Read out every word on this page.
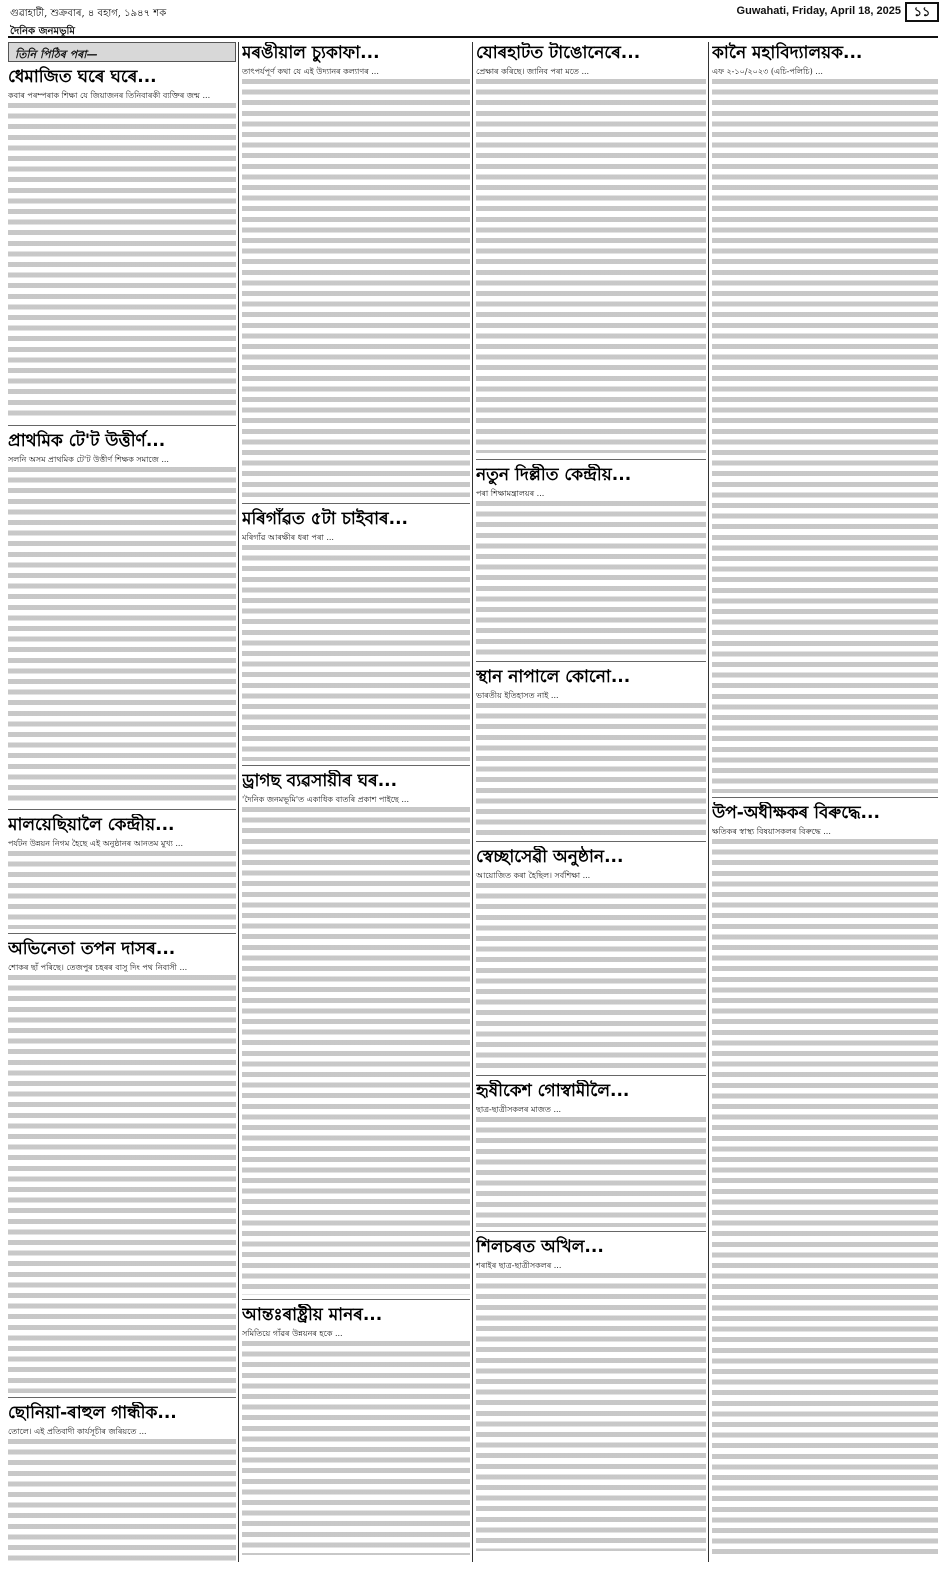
গুৱাহাটী, শুক্ৰবাৰ, ৪ বহাগ, ১৯৪৭ শক	Guwahati, Friday, April 18, 2025 ১১
দৈনিক জনমভূমি
তিনি পিঠিৰ পৰা—
ধেমাজিত ঘৰে ঘৰে...
কবাৰ পৰম্পৰাক শিক্ষা যে জিয়াজনৰ তিনিবাৰকী ব্যক্তিৰ জন্ম ...
প্ৰাথমিক টে'ট উত্তীৰ্ণ...
সলনি অসম প্ৰাথমিক টে'ট উত্তীৰ্ণ শিক্ষক সমাজে ...
মালয়েছিয়ালৈ কেন্দ্ৰীয়...
পৰ্যটন উন্নয়ন নিগম হৈছে এই অনুষ্ঠানৰ আনতম মুখ্য ...
অভিনেতা তপন দাসৰ...
শোকৰ ছাঁ পৰিছে। তেজপুৰ চহৰৰ বাসু দিং পথ নিবাসী ...
ছোনিয়া-ৰাহুল গান্ধীক...
তোলে। এই প্ৰতিবাদী কাৰ্যসূচীৰ জৰিয়তে ...
মৰঙীয়াল চ্যুকাফা...
তাৎপৰ্যপূৰ্ণ কথা যে এই উদ্যানৰ কল্যাণৰ ...
মৰিগাঁৱত ৫টা চাইবাৰ...
মৰিগাঁৱ আৰক্ষীৰ ধৰা পৰা ...
ড্ৰাগছ ব্যৱসায়ীৰ ঘৰ...
'দৈনিক জনমভূমি'ত একাধিক বাতৰি প্ৰকাশ পাইছে ...
আন্তঃৰাষ্ট্ৰীয় মানৰ...
সমিতিয়ে গাঁৱৰ উন্নয়নৰ হকে ...
যোৰহাটত টাঙোনেৰে...
প্ৰেক্ষাৰ কৰিছে। জানিব পৰা মতে ...
নতুন দিল্লীত কেন্দ্ৰীয়...
পৰা শিক্ষামন্ত্ৰালয়ৰ ...
স্থান নাপালে কোনো...
ভাৰতীয় ইতিহাসত নাই ...
স্বেচ্ছাসেৱী অনুষ্ঠান...
আয়োজিত কৰা হৈছিল। সৰ্বশিক্ষা ...
হৃষীকেশ গোস্বামীলৈ...
ছাত্ৰ-ছাত্ৰীসকলৰ মাজত ...
শিলচৰত অখিল...
শৰাইৰ ছাত্ৰ-ছাত্ৰীসকলৰ ...
কানৈ মহাবিদ্যালয়ক...
এফ ২-১০/২০২৩ (এচি-পলিচি) ...
উপ-অধীক্ষকৰ বিৰুদ্ধে...
ক্ষতিকৰ স্বাস্থ্য বিষয়াসকলৰ বিৰুদ্ধে ...
